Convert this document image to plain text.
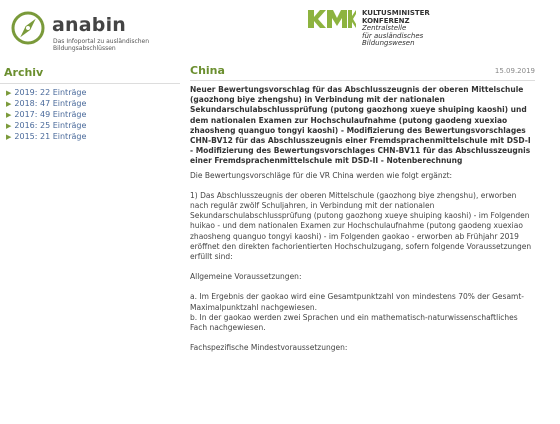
anabin
Das Infoportal zu ausländischen
Bildungsabschlüssen
KULTUSMINISTER
KONFERENZ
Zentralstelle
für ausländisches
Bildungswesen
Archiv
▶ 2019: 22 Einträge
▶ 2018: 47 Einträge
▶ 2017: 49 Einträge
▶ 2016: 25 Einträge
▶ 2015: 21 Einträge
China	15.09.2019
Neuer Bewertungsvorschlag für das Abschlusszeugnis der oberen Mittelschule (gaozhong biye zhengshu) in Verbindung mit der nationalen Sekundarschulabschlussprüfung (putong gaozhong xueye shuiping kaoshi) und dem nationalen Examen zur Hochschulaufnahme (putong gaodeng xuexiao zhaosheng quanguo tongyi kaoshi) - Modifizierung des Bewertungsvorschlages CHN-BV12 für das Abschlusszeugnis einer Fremdsprachenmittelschule mit DSD-I - Modifizierung des Bewertungsvorschlages CHN-BV11 für das Abschlusszeugnis einer Fremdsprachenmittelschule mit DSD-II - Notenberechnung
Die Bewertungsvorschläge für die VR China werden wie folgt ergänzt:
1) Das Abschlusszeugnis der oberen Mittelschule (gaozhong biye zhengshu), erworben nach regulär zwölf Schuljahren, in Verbindung mit der nationalen Sekundarschulabschlussprüfung (putong gaozhong xueye shuiping kaoshi) - im Folgenden huikao - und dem nationalen Examen zur Hochschulaufnahme (putong gaodeng xuexiao zhaosheng quanguo tongyi kaoshi) - im Folgenden gaokao - erworben ab Frühjahr 2019 eröffnet den direkten fachorientierten Hochschulzugang, sofern folgende Voraussetzungen erfüllt sind:
Allgemeine Voraussetzungen:
a. Im Ergebnis der gaokao wird eine Gesamtpunktzahl von mindestens 70% der Gesamt-Maximalpunktzahl nachgewiesen.
b. In der gaokao werden zwei Sprachen und ein mathematisch-naturwissenschaftliches Fach nachgewiesen.
Fachspezifische Mindestvoraussetzungen:
